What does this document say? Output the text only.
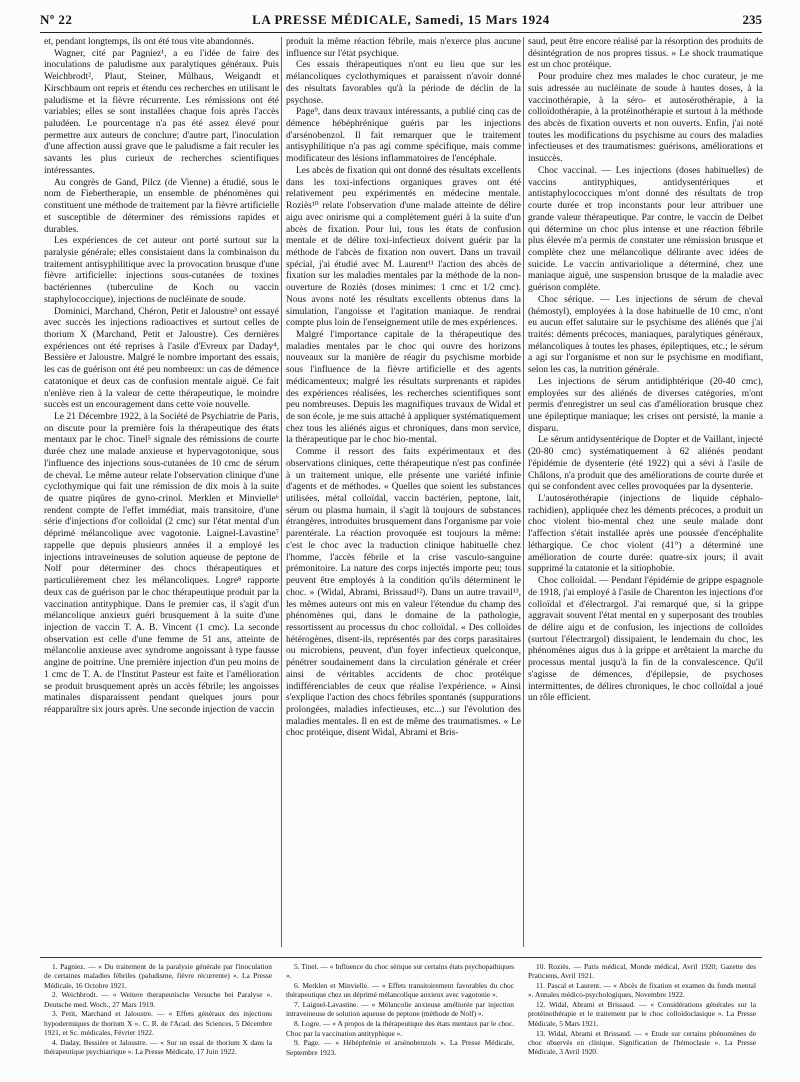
Nº 22	LA PRESSE MÉDICALE, Samedi, 15 Mars 1924	235

et, pendant longtemps, ils ont été tous vite abandonnés.

Wagner, cité par Pagniez¹, a eu l'idée de faire des inoculations de paludisme aux paralytiques généraux. Puis Weichbrodt², Plaut, Steiner, Mülhaus, Weigandt et Kirschbaum ont repris et étendu ces recherches en utilisant le paludisme et la fièvre récurrente. Les rémissions ont été variables; elles se sont installées chaque fois après l'accès paludéen. Le pourcentage n'a pas été assez élevé pour permettre aux auteurs de conclure; d'autre part, l'inoculation d'une affection aussi grave que le paludisme a fait reculer les savants les plus curieux de recherches scientifiques intéressantes.

Au congrès de Gand, Pilcz (de Vienne) a étudié, sous le nom de Fiebertherapie, un ensemble de phénomènes qui constituent une méthode de traitement par la fièvre artificielle et susceptible de déterminer des rémissions rapides et durables.

Les expériences de cet auteur ont porté surtout sur la paralysie générale; elles consistaient dans la combinaison du traitement antisyphilitique avec la provocation brusque d'une fièvre artificielle: injections sous-cutanées de toxines bactériennes (tuberculine de Koch ou vaccin staphylococcique), injections de nucléinate de soude.

Dominici, Marchand, Chéron, Petit et Jaloustre³ ont essayé avec succès les injections radioactives et surtout celles de thorium X (Marchand, Petit et Jaloustre). Ces dernières expériences ont été reprises à l'asile d'Evreux par Daday⁴, Bessière et Jaloustre. Malgré le nombre important des essais, les cas de guérison ont été peu nombreux: un cas de démence catatonique et deux cas de confusion mentale aiguë. Ce fait n'enlève rien à la valeur de cette thérapeutique, le moindre succès est un encouragement dans cette voie nouvelle.

Le 21 Décembre 1922, à la Société de Psychiatrie de Paris, on discute pour la première fois la thérapeutique des états mentaux par le choc. Tinel⁵ signale des rémissions de courte durée chez une malade anxieuse et hypervagotonique, sous l'influence des injections sous-cutanées de 10 cmc de sérum de cheval. Le même auteur relate l'observation clinique d'une cyclothymique qui fait une rémission de dix mois à la suite de quatre piqûres de gyno-crinol. Merklen et Minvielle⁶ rendent compte de l'effet immédiat, mais transitoire, d'une série d'injections d'or colloïdal (2 cmc) sur l'état mental d'un déprimé mélancolique avec vagotonie. Laignel-Lavastine⁷ rappelle que depuis plusieurs années il a employé les injections intraveineuses de solution aqueuse de peptone de Nolf pour déterminer des chocs thérapeutiques et particulièrement chez les mélancoliques. Logre⁸ rapporte deux cas de guérison par le choc thérapeutique produit par la vaccination antityphique. Dans le premier cas, il s'agit d'un mélancolique anxieux guéri brusquement à la suite d'une injection de vaccin T. A. B. Vincent (1 cmc). La seconde observation est celle d'une femme de 51 ans, atteinte de mélancolie anxieuse avec syndrome angoissant à type fausse angine de poitrine. Une première injection d'un peu moins de 1 cmc de T. A. de l'Institut Pasteur est faite et l'amélioration se produit brusquement après un accès fébrile; les angoisses matinales disparaissent pendant quelques jours pour réapparaître six jours après. Une seconde injection de vaccin

produit la même réaction fébrile, mais n'exerce plus aucune influence sur l'état psychique.

Ces essais thérapeutiques n'ont eu lieu que sur les mélancoliques cyclothymiques et paraissent n'avoir donné des résultats favorables qu'à la période de déclin de la psychose.

Page⁹, dans deux travaux intéressants, a publié cinq cas de démence hébéphrénique guéris par les injections d'arsénobenzol. Il fait remarquer que le traitement antisyphilitique n'a pas agi comme spécifique, mais comme modificateur des lésions inflammatoires de l'encéphale.

Les abcès de fixation qui ont donné des résultats excellents dans les toxi-infections organiques graves ont été relativement peu expérimentés en médecine mentale. Roziès¹⁰ relate l'observation d'une malade atteinte de délire aigu avec onirisme qui a complètement guéri à la suite d'un abcès de fixation. Pour lui, tous les états de confusion mentale et de délire toxi-infectieux doivent guérir par la méthode de l'abcès de fixation non ouvert. Dans un travail spécial, j'ai étudié avec M. Laurent¹¹ l'action des abcès de fixation sur les maladies mentales par la méthode de la non-ouverture de Roziès (doses minimes: 1 cmc et 1/2 cmc). Nous avons noté les résultats excellents obtenus dans la simulation, l'angoisse et l'agitation maniaque. Je rendrai compte plus loin de l'enseignement utile de mes expériences.

Malgré l'importance capitale de la thérapeutique des maladies mentales par le choc qui ouvre des horizons nouveaux sur la manière de réagir du psychisme morbide sous l'influence de la fièvre artificielle et des agents médicamenteux; malgré les résultats surprenants et rapides des expériences réalisées, les recherches scientifiques sont peu nombreuses. Depuis les magnifiques travaux de Widal et de son école, je me suis attaché à appliquer systématiquement chez tous les aliénés aigus et chroniques, dans mon service, la thérapeutique par le choc bio-mental.

Comme il ressort des faits expérimentaux et des observations cliniques, cette thérapeutique n'est pas confinée à un traitement unique, elle présente une variété infinie d'agents et de méthodes. « Quelles que soient les substances utilisées, métal colloïdal, vaccin bactérien, peptone, lait, sérum ou plasma humain, il s'agit là toujours de substances étrangères, introduites brusquement dans l'organisme par voie parentérale. La réaction provoquée est toujours la même: c'est le choc avec la traduction clinique habituelle chez l'homme, l'accès fébrile et la crise vasculo-sanguine prémonitoire. La nature des corps injectés importe peu; tous peuvent être employés à la condition qu'ils déterminent le choc. » (Widal, Abrami, Brissaud¹²). Dans un autre travail¹³, les mêmes auteurs ont mis en valeur l'étendue du champ des phénomènes qui, dans le domaine de la pathologie, ressortissent au processus du choc colloïdal. « Des colloïdes hétérogènes, disent-ils, représentés par des corps parasitaires ou microbiens, peuvent, d'un foyer infectieux quelconque, pénétrer soudainement dans la circulation générale et créer ainsi de véritables accidents de choc protéique indifférenciables de ceux que réalise l'expérience. » Ainsi s'explique l'action des chocs fébriles spontanés (suppurations prolongées, maladies infectieuses, etc...) sur l'évolution des maladies mentales. Il en est de même des traumatismes. « Le choc protéique, disent Widal, Abrami et Bris-

saud, peut être encore réalisé par la résorption des produits de désintégration de nos propres tissus. » Le shock traumatique est un choc protéique.

Pour produire chez mes malades le choc curateur, je me suis adressée au nucléinate de soude à hautes doses, à la vaccinothérapie, à la séro- et autosérothérapie, à la colloïdothérapie, à la protéinothérapie et surtout à la méthode des abcès de fixation ouverts et non ouverts. Enfin, j'ai noté toutes les modifications du psychisme au cours des maladies infectieuses et des traumatismes: guérisons, améliorations et insuccès.

Choc vaccinal. — Les injections (doses habituelles) de vaccins antityphiques, antidysentériques et antistaphylococciques m'ont donné des résultats de trop courte durée et trop inconstants pour leur attribuer une grande valeur thérapeutique. Par contre, le vaccin de Delbet qui détermine un choc plus intense et une réaction fébrile plus élevée m'a permis de constater une rémission brusque et complète chez une mélancolique délirante avec idées de suicide. Le vaccin antivariolique a déterminé, chez une maniaque aiguë, une suspension brusque de la maladie avec guérison complète.

Choc sérique. — Les injections de sérum de cheval (hémostyl), employées à la dose habituelle de 10 cmc, n'ont eu aucun effet salutaire sur le psychisme des aliénés que j'ai traités: déments précoces, maniaques, paralytiques généraux, mélancoliques à toutes les phases, épileptiques, etc.; le sérum a agi sur l'organisme et non sur le psychisme en modifiant, selon les cas, la nutrition générale.

Les injections de sérum antidiphtérique (20-40 cmc), employées sur des aliénés de diverses catégories, m'ont permis d'enregistrer un seul cas d'amélioration brusque chez une épileptique maniaque; les crises ont persisté, la manie a disparu.

Le sérum antidysentérique de Dopter et de Vaillant, injecté (20-80 cmc) systématiquement à 62 aliénés pendant l'épidémie de dysenterie (été 1922) qui a sévi à l'asile de Châlons, n'a produit que des améliorations de courte durée et qui se confondent avec celles provoquées par la dysenterie.

L'autosérothérapie (injections de liquide céphalo-rachidien), appliquée chez les déments précoces, a produit un choc violent bio-mental chez une seule malade dont l'affection s'était installée après une poussée d'encéphalite léthargique. Ce choc violent (41°) a déterminé une amélioration de courte durée: quatre-six jours; il avait supprimé la catatonie et la sitiophobie.

Choc colloïdal. — Pendant l'épidémie de grippe espagnole de 1918, j'ai employé à l'asile de Charenton les injections d'or colloïdal et d'électrargol. J'ai remarqué que, si la grippe aggravait souvent l'état mental en y superposant des troubles de délire aigu et de confusion, les injections de colloïdes (surtout l'électrargol) dissipaient, le lendemain du choc, les phénomènes aigus dus à la grippe et arrêtaient la marche du processus mental jusqu'à la fin de la convalescence. Qu'il s'agisse de démences, d'épilepsie, de psychoses intermittentes, de délires chroniques, le choc colloïdal a joué un rôle efficient.

1. Pagniez. — « Du traitement de la paralysie générale par l'inoculation de certaines maladies fébriles (paludisme, fièvre récurrente) ». La Presse Médicale, 16 Octobre 1921.
2. Weichbrodt. — « Weitere therapeutische Versuche bei Paralyse ». Deutsche med. Woch., 27 Mars 1919.
3. Petit, Marchand et Jaloustre. — « Effets généraux des injections hypodermiques de thorium X ». C. R. de l'Acad. des Sciences, 5 Décembre 1921, et Sc. médicales, Février 1922.
4. Daday, Bessière et Jaloustre. — « Sur un essai de thorium X dans la thérapeutique psychiatrique ». La Presse Médicale, 17 Juin 1922.
5. Tinel. — « Influence du choc sérique sur certains états psychopathiques ».
6. Merklen et Minvielle. — « Effets transitoirement favorables du choc thérapeutique chez un déprimé mélancolique anxieux avec vagotonie ».
7. Laignel-Lavastine. — « Mélancolie anxieuse améliorée par injection intraveineuse de solution aqueuse de peptone (méthode de Nolf) ».
8. Logre. — « A propos de la thérapeutique des états mentaux par le choc. Choc par la vaccination antityphique ».
9. Page. — « Hébéphrénie et arsénobenzols ». La Presse Médicale, Septembre 1923.
10. Roziès. — Paris médical, Monde médical, Avril 1920; Gazette des Praticiens, Avril 1921.
11. Pascal et Laurent. — « Abcès de fixation et examen du fonds mental ». Annales médico-psychologiques, Novembre 1922.
12. Widal, Abrami et Brissaud. — « Considérations générales sur la protéinothérapie et le traitement par le choc colloïdoclasique ». La Presse Médicale, 5 Mars 1921.
13. Widal, Abrami et Brissaud. — « Etude sur certains phénomènes de choc observés en clinique. Signification de l'hémoclasie ». La Presse Médicale, 3 Avril 1920.
